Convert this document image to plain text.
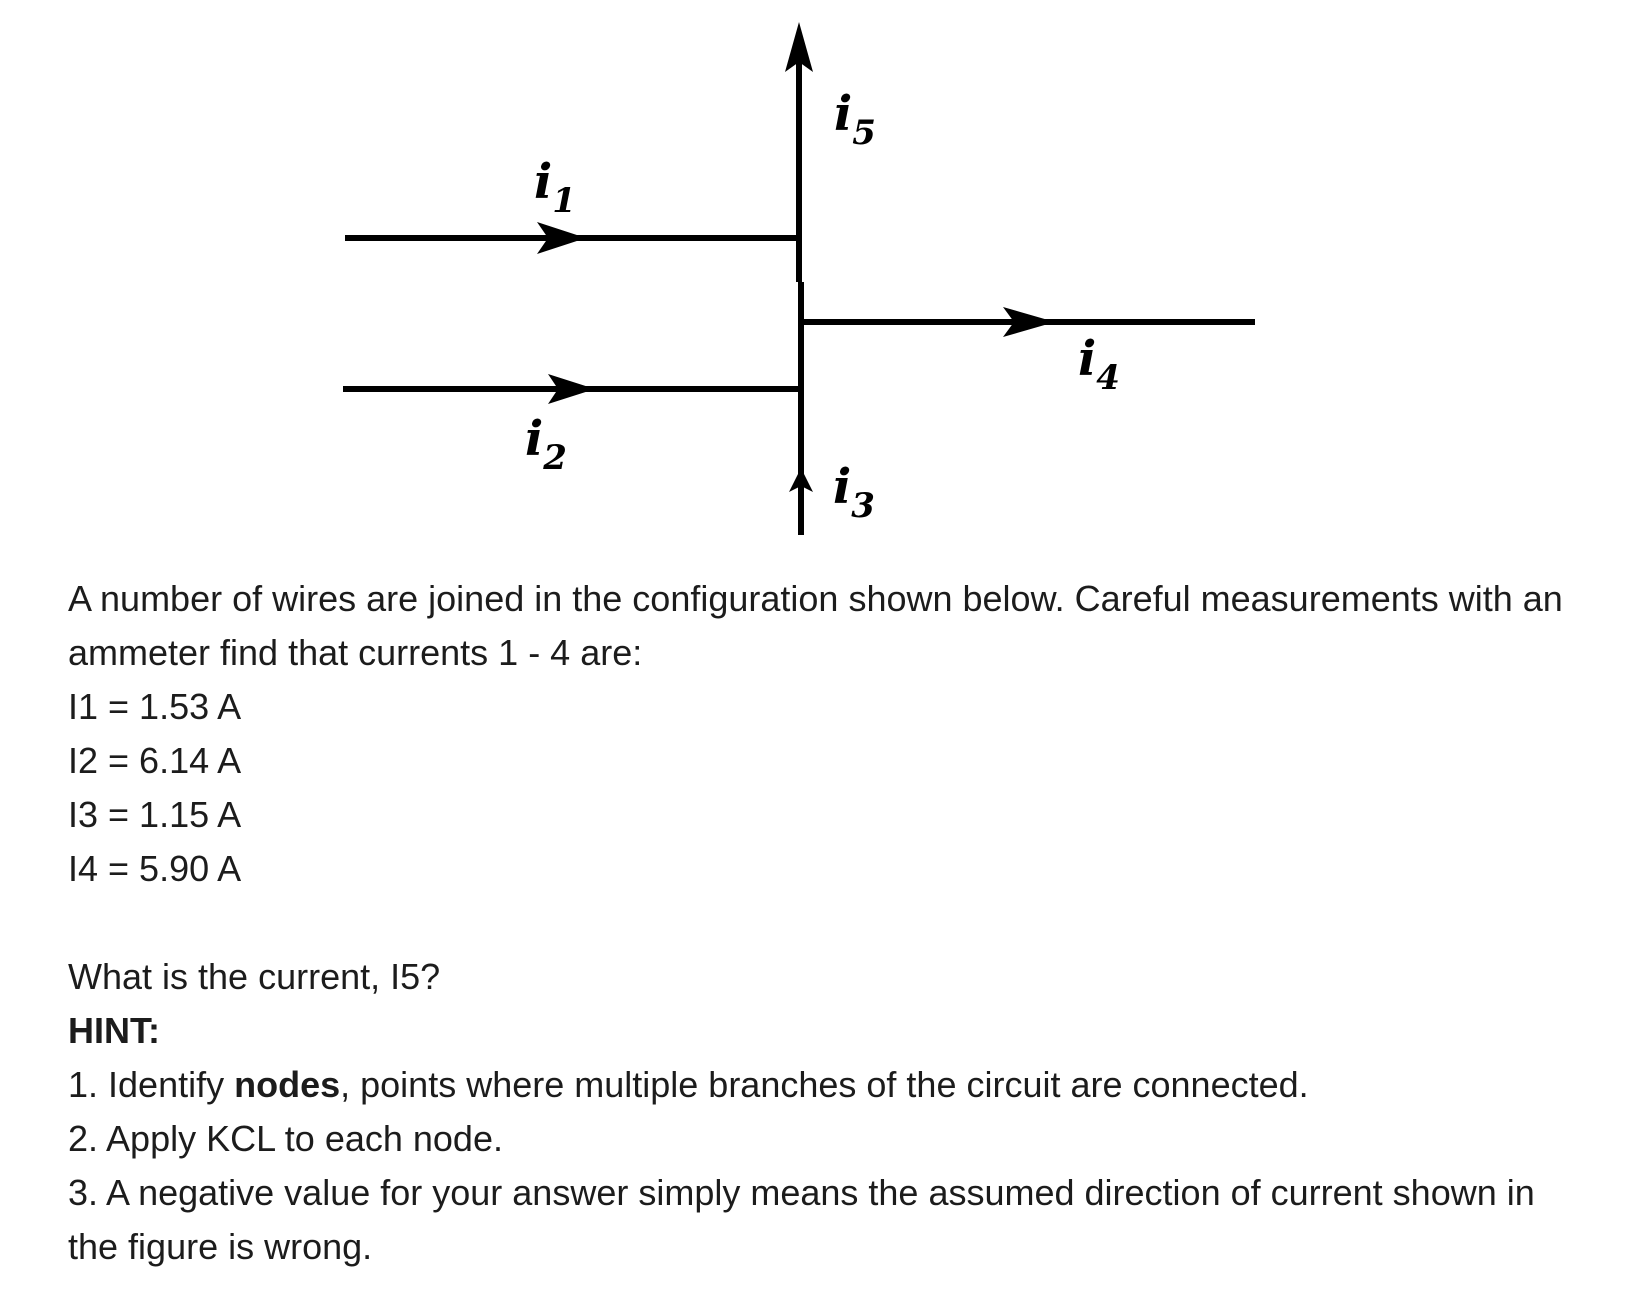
$i_5$
$i_1$
$i_4$
$i_2$
$i_3$

A number of wires are joined in the configuration shown below. Careful measurements with an ammeter find that currents 1 - 4 are:

I1 = 1.53 A

I2 = 6.14 A

I3 = 1.15 A

I4 = 5.90 A

What is the current, I5?

HINT:

1. Identify nodes, points where multiple branches of the circuit are connected.

2. Apply KCL to each node.

3. A negative value for your answer simply means the assumed direction of current shown in the figure is wrong.
